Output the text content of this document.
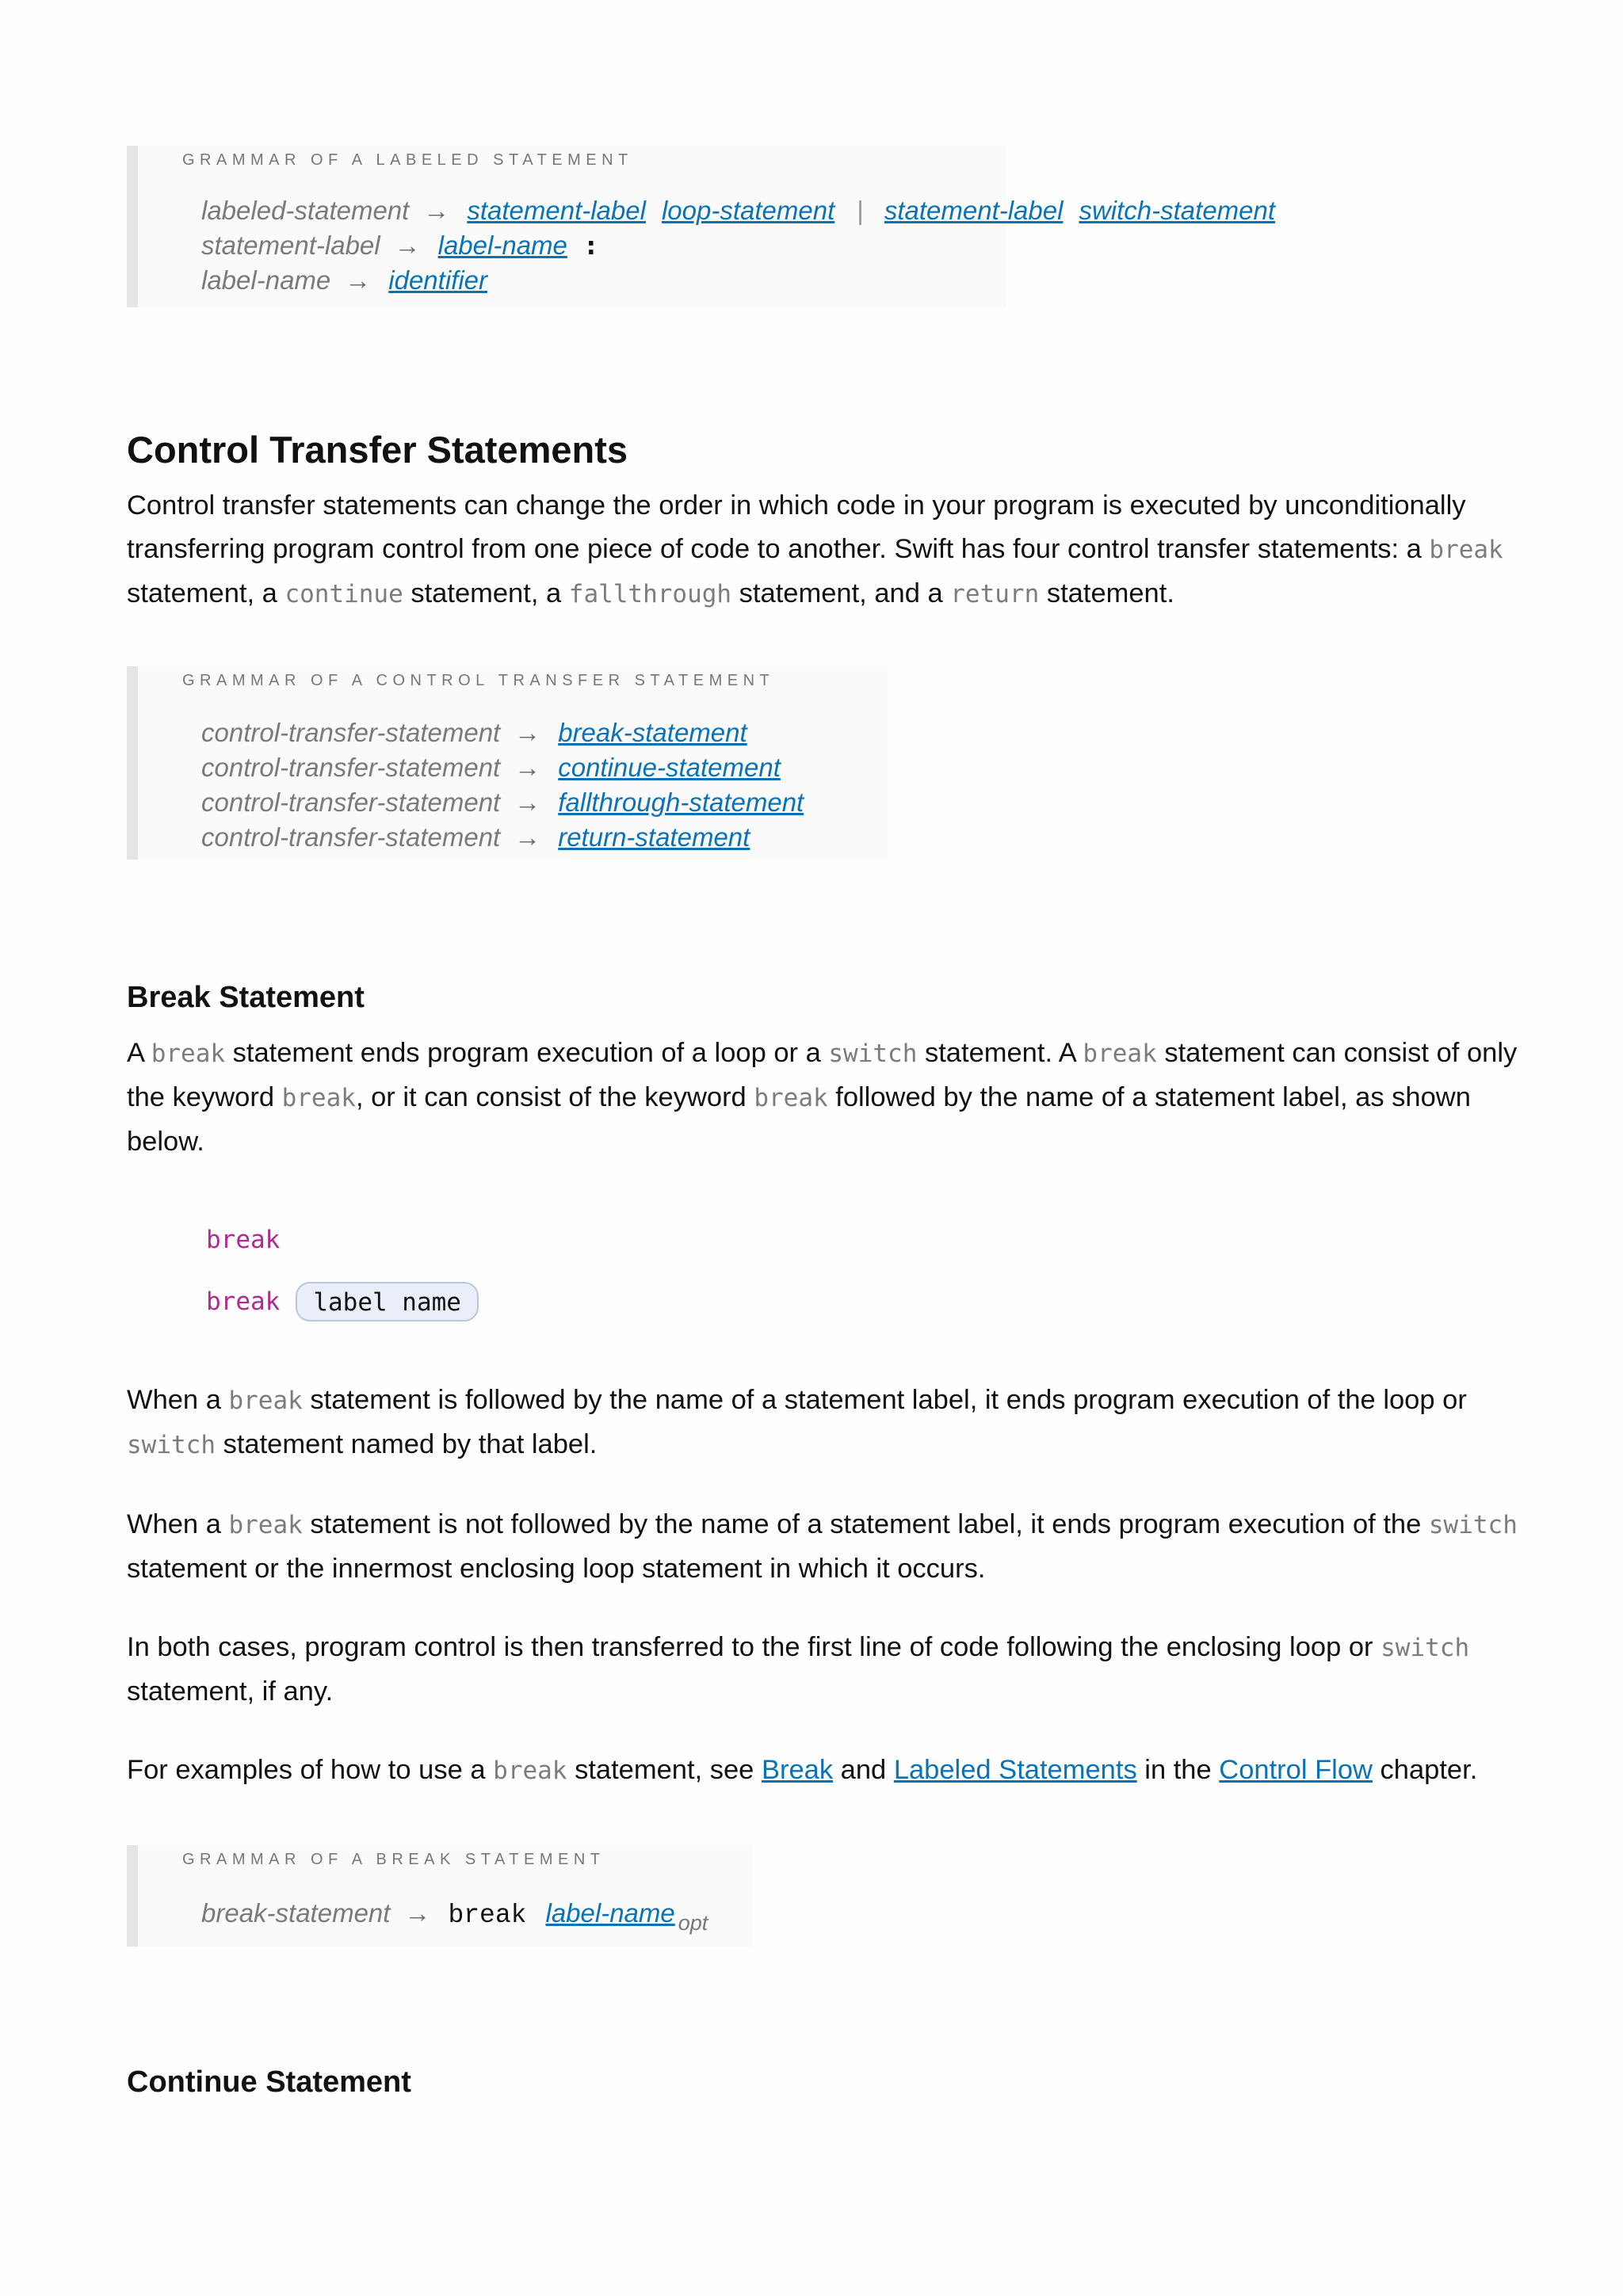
GRAMMAR OF A LABELED STATEMENT
labeled-statement → statement-label loop-statement | statement-label switch-statement
statement-label → label-name :
label-name → identifier
Control Transfer Statements

Control transfer statements can change the order in which code in your program is executed by unconditionally transferring program control from one piece of code to another. Swift has four control transfer statements: a break statement, a continue statement, a fallthrough statement, and a return statement.

GRAMMAR OF A CONTROL TRANSFER STATEMENT
control-transfer-statement → break-statement
control-transfer-statement → continue-statement
control-transfer-statement → fallthrough-statement
control-transfer-statement → return-statement
Break Statement

A break statement ends program execution of a loop or a switch statement. A break statement can consist of only the keyword break, or it can consist of the keyword break followed by the name of a statement label, as shown below.

break
break label name

When a break statement is followed by the name of a statement label, it ends program execution of the loop or switch statement named by that label.

When a break statement is not followed by the name of a statement label, it ends program execution of the switch statement or the innermost enclosing loop statement in which it occurs.

In both cases, program control is then transferred to the first line of code following the enclosing loop or switch statement, if any.

For examples of how to use a break statement, see Break and Labeled Statements in the Control Flow chapter.

GRAMMAR OF A BREAK STATEMENT
break-statement → break label-name $_{opt}$
Continue Statement
